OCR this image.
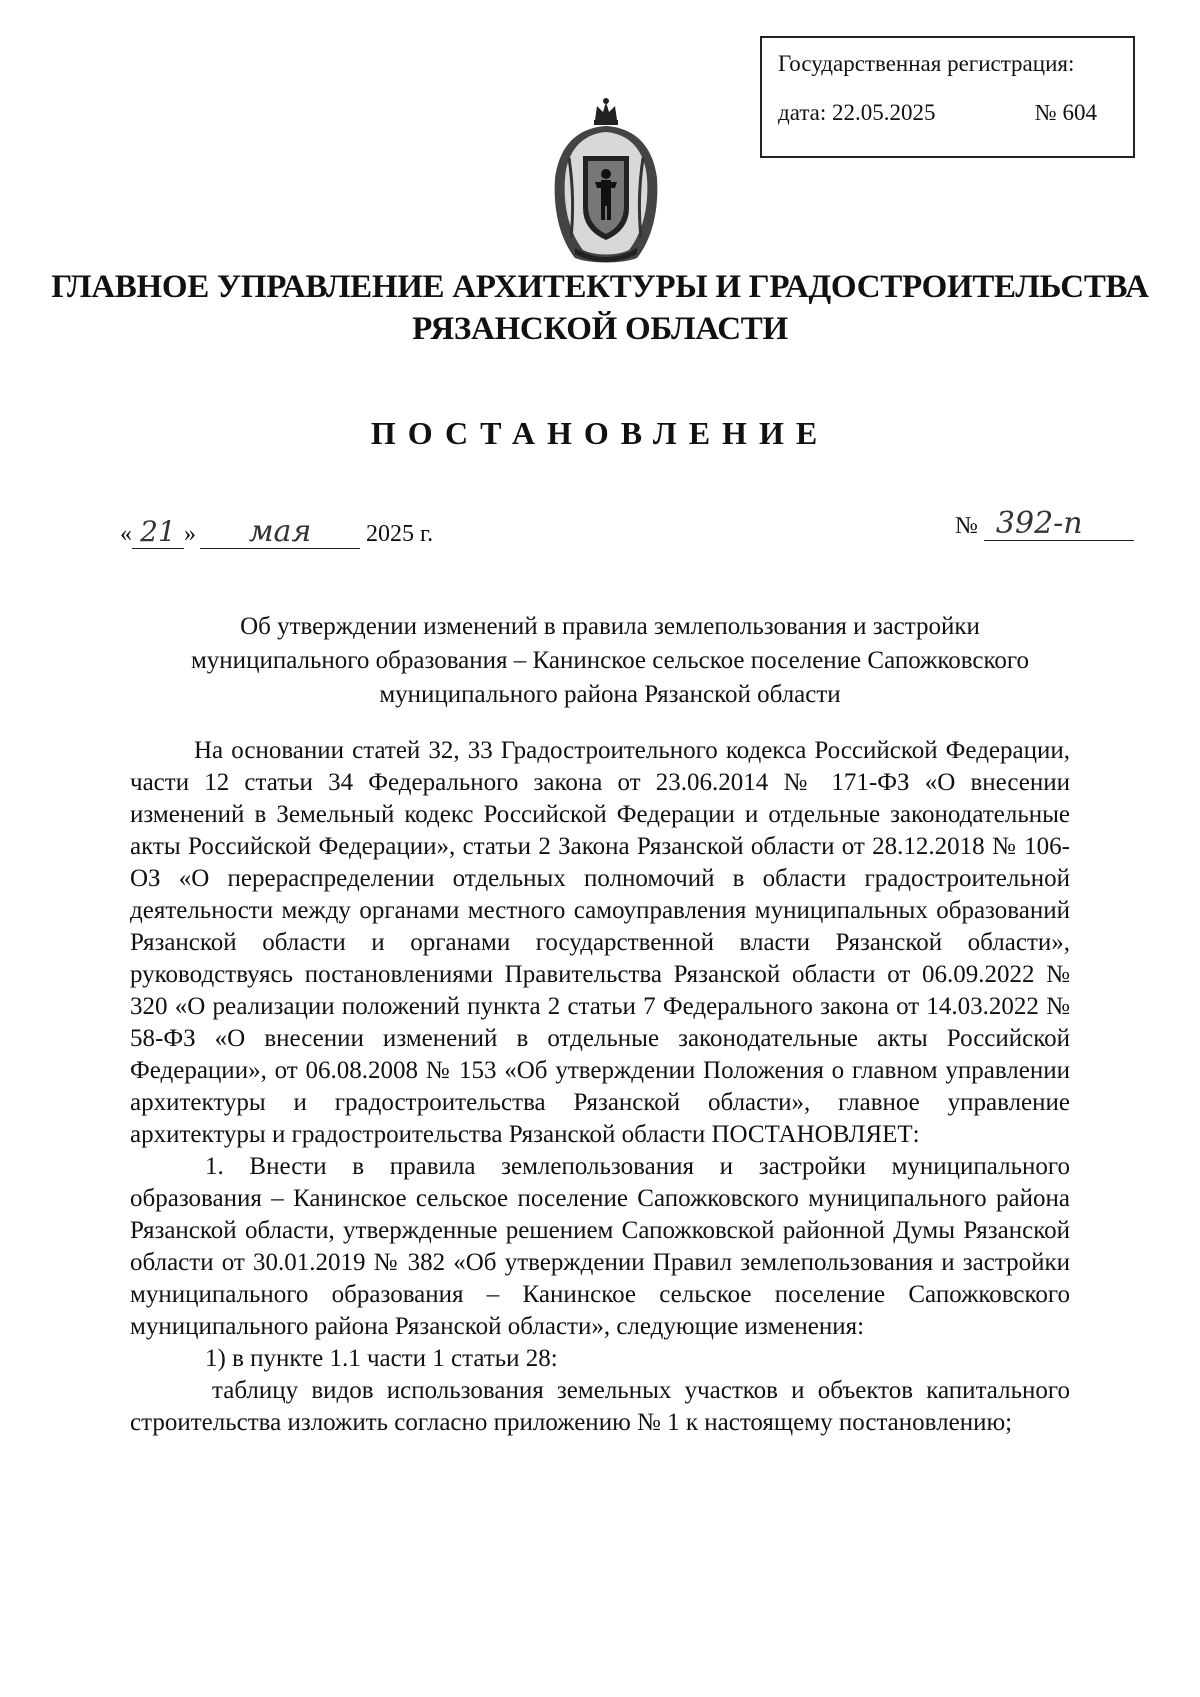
Государственная регистрация:
дата: 22.05.2025	№ 604
ГЛАВНОЕ УПРАВЛЕНИЕ АРХИТЕКТУРЫ И ГРАДОСТРОИТЕЛЬСТВА
РЯЗАНСКОЙ ОБЛАСТИ
ПОСТАНОВЛЕНИЕ
« 21 » мая 2025 г.	№ 392-п
Об утверждении изменений в правила землепользования и застройки
муниципального образования – Канинское сельское поселение Сапожковского
муниципального района Рязанской области

На основании статей 32, 33 Градостроительного кодекса Российской Федерации, части 12 статьи 34 Федерального закона от 23.06.2014 № 171-ФЗ «О внесении изменений в Земельный кодекс Российской Федерации и отдельные законодательные акты Российской Федерации», статьи 2 Закона Рязанской области от 28.12.2018 № 106-ОЗ «О перераспределении отдельных полномочий в области градостроительной деятельности между органами местного самоуправления муниципальных образований Рязанской области и органами государственной власти Рязанской области», руководствуясь постановлениями Правительства Рязанской области от 06.09.2022 № 320 «О реализации положений пункта 2 статьи 7 Федерального закона от 14.03.2022 № 58-ФЗ «О внесении изменений в отдельные законодательные акты Российской Федерации», от 06.08.2008 № 153 «Об утверждении Положения о главном управлении архитектуры и градостроительства Рязанской области», главное управление архитектуры и градостроительства Рязанской области ПОСТАНОВЛЯЕТ:

1. Внести в правила землепользования и застройки муниципального образования – Канинское сельское поселение Сапожковского муниципального района Рязанской области, утвержденные решением Сапожковской районной Думы Рязанской области от 30.01.2019 № 382 «Об утверждении Правил землепользования и застройки муниципального образования – Канинское сельское поселение Сапожковского муниципального района Рязанской области», следующие изменения:

1) в пункте 1.1 части 1 статьи 28:

таблицу видов использования земельных участков и объектов капитального строительства изложить согласно приложению № 1 к настоящему постановлению;
